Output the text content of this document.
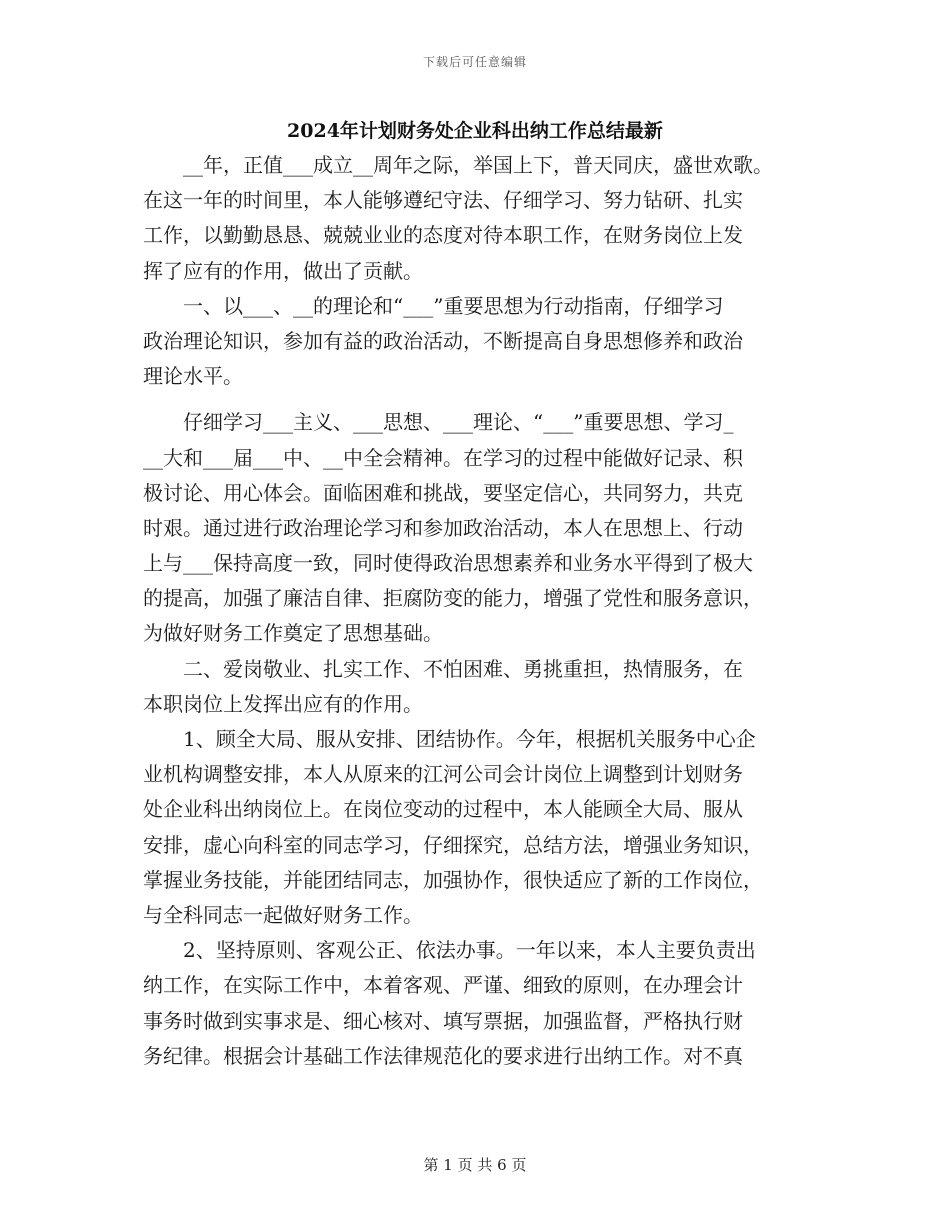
下载后可任意编辑
2024年计划财务处企业科出纳工作总结最新
　　__年，正值___成立__周年之际，举国上下，普天同庆，盛世欢歌。
在这一年的时间里，本人能够遵纪守法、仔细学习、努力钻研、扎实
工作，以勤勤恳恳、兢兢业业的态度对待本职工作，在财务岗位上发
挥了应有的作用，做出了贡献。
　　一、以___、__的理论和“___”重要思想为行动指南，仔细学习
政治理论知识，参加有益的政治活动，不断提高自身思想修养和政治
理论水平。
　　仔细学习___主义、___思想、___理论、“___”重要思想、学习_
__大和___届___中、__中全会精神。在学习的过程中能做好记录、积
极讨论、用心体会。面临困难和挑战，要坚定信心，共同努力，共克
时艰。通过进行政治理论学习和参加政治活动，本人在思想上、行动
上与___保持高度一致，同时使得政治思想素养和业务水平得到了极大
的提高，加强了廉洁自律、拒腐防变的能力，增强了党性和服务意识，
为做好财务工作奠定了思想基础。
　　二、爱岗敬业、扎实工作、不怕困难、勇挑重担，热情服务，在
本职岗位上发挥出应有的作用。
　　1、顾全大局、服从安排、团结协作。今年，根据机关服务中心企
业机构调整安排，本人从原来的江河公司会计岗位上调整到计划财务
处企业科出纳岗位上。在岗位变动的过程中，本人能顾全大局、服从
安排，虚心向科室的同志学习，仔细探究，总结方法，增强业务知识，
掌握业务技能，并能团结同志，加强协作，很快适应了新的工作岗位，
与全科同志一起做好财务工作。
　　2、坚持原则、客观公正、依法办事。一年以来，本人主要负责出
纳工作，在实际工作中，本着客观、严谨、细致的原则，在办理会计
事务时做到实事求是、细心核对、填写票据，加强监督，严格执行财
务纪律。根据会计基础工作法律规范化的要求进行出纳工作。对不真
第 1 页 共 6 页
